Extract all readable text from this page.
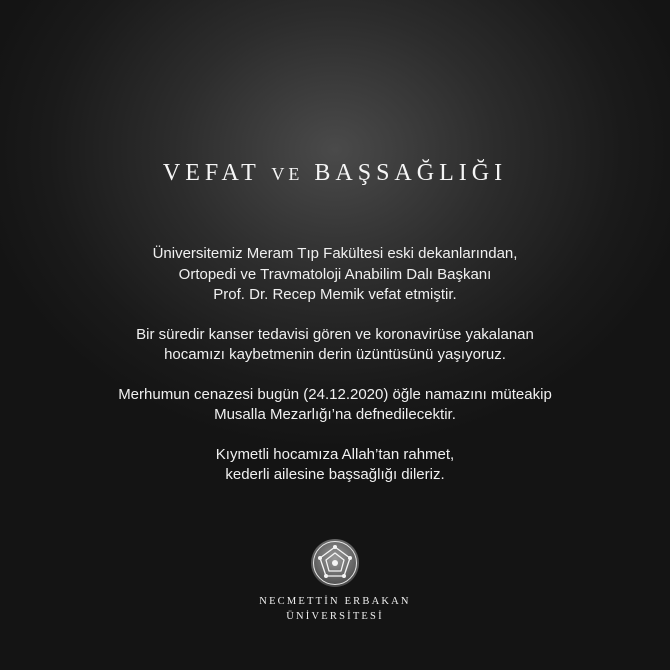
VEFAT VE BAŞSAĞLIĞI
Üniversitemiz Meram Tıp Fakültesi eski dekanlarından,
Ortopedi ve Travmatoloji Anabilim Dalı Başkanı
Prof. Dr. Recep Memik vefat etmiştir.
Bir süredir kanser tedavisi gören ve koronavirüse yakalanan
hocamızı kaybetmenin derin üzüntüsünü yaşıyoruz.
Merhumun cenazesi bugün (24.12.2020) öğle namazını müteakip
Musalla Mezarlığı’na defnedilecektir.
Kıymetli hocamıza Allah’tan rahmet,
kederli ailesine başsağlığı dileriz.
NECMETTİN ERBAKAN
ÜNİVERSİTESİ
